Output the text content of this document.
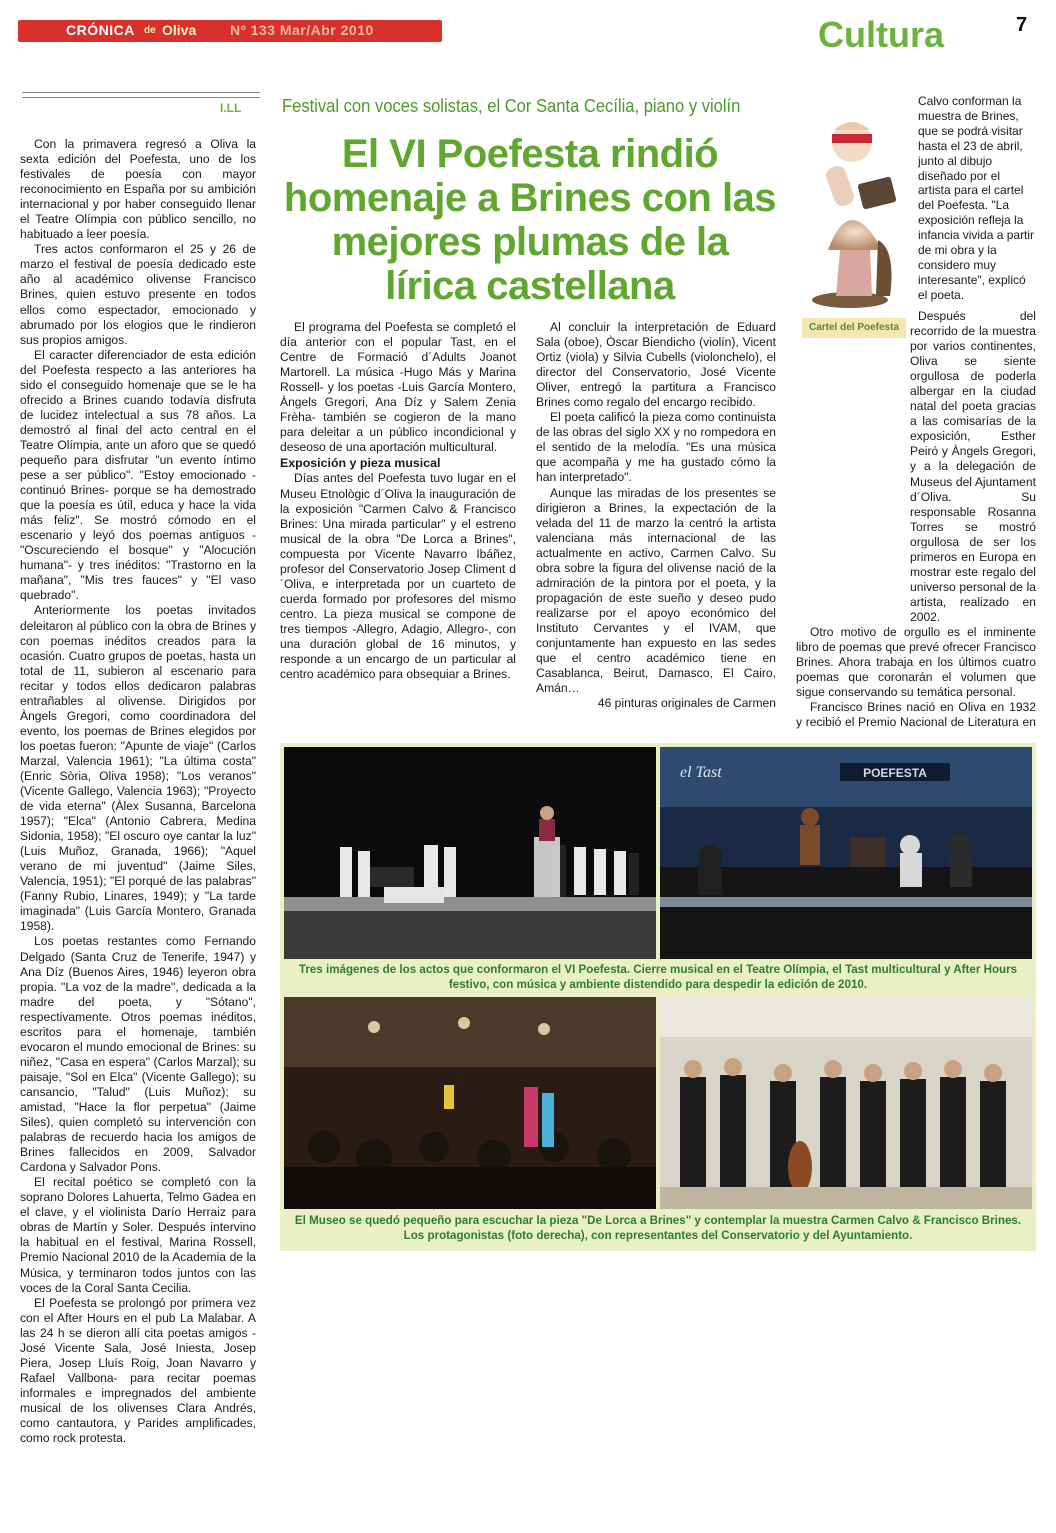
CRÓNICA de Oliva Nº 133 Mar/Abr 2010	Cultura	7
I.LL

Con la primavera regresó a Oliva la sexta edición del Poefesta, uno de los festivales de poesía con mayor reconocimiento en España por su ambición internacional y por haber conseguido llenar el Teatre Olímpia con público sencillo, no habituado a leer poesía.

Tres actos conformaron el 25 y 26 de marzo el festival de poesía dedicado este año al académico olivense Francisco Brines, quien estuvo presente en todos ellos como espectador, emocionado y abrumado por los elogios que le rindieron sus propios amigos.

El caracter diferenciador de esta edición del Poefesta respecto a las anteriores ha sido el conseguido homenaje que se le ha ofrecido a Brines cuando todavía disfruta de lucidez intelectual a sus 78 años. La demostró al final del acto central en el Teatre Olímpia, ante un aforo que se quedó pequeño para disfrutar "un evento íntimo pese a ser público". "Estoy emocionado -continuó Brines- porque se ha demostrado que la poesía es útil, educa y hace la vida más feliz". Se mostró cómodo en el escenario y leyó dos poemas antiguos -"Oscureciendo el bosque" y "Alocución humana"- y tres inéditos: "Trastorno en la mañana", "Mis tres fauces" y "El vaso quebrado".

Anteriormente los poetas invitados deleitaron al público con la obra de Brines y con poemas inéditos creados para la ocasión. Cuatro grupos de poetas, hasta un total de 11, subieron al escenario para recitar y todos ellos dedicaron palabras entrañables al olivense. Dirigidos por Àngels Gregori, como coordinadora del evento, los poemas de Brines elegidos por los poetas fueron: "Apunte de viaje" (Carlos Marzal, Valencia 1961); "La última costa" (Enric Sòria, Oliva 1958); "Los veranos" (Vicente Gallego, Valencia 1963); "Proyecto de vida eterna" (Àlex Susanna, Barcelona 1957); "Elca" (Antonio Cabrera, Medina Sidonia, 1958); "El oscuro oye cantar la luz" (Luis Muñoz, Granada, 1966); "Aquel verano de mi juventud" (Jaime Siles, Valencia, 1951); "El porqué de las palabras" (Fanny Rubio, Linares, 1949); y "La tarde imaginada" (Luis García Montero, Granada 1958).

Los poetas restantes como Fernando Delgado (Santa Cruz de Tenerife, 1947) y Ana Díz (Buenos Aires, 1946) leyeron obra propia. "La voz de la madre", dedicada a la madre del poeta, y "Sótano", respectivamente. Otros poemas inéditos, escritos para el homenaje, también evocaron el mundo emocional de Brines: su niñez, "Casa en espera" (Carlos Marzal); su paisaje, "Sol en Elca" (Vicente Gallego); su cansancio, "Talud" (Luis Muñoz); su amistad, "Hace la flor perpetua" (Jaime Siles), quien completó su intervención con palabras de recuerdo hacia los amigos de Brines fallecidos en 2009, Salvador Cardona y Salvador Pons.

El recital poético se completó con la soprano Dolores Lahuerta, Telmo Gadea en el clave, y el violinista Darío Herraiz para obras de Martín y Soler. Después intervino la habitual en el festival, Marina Rossell, Premio Nacional 2010 de la Academia de la Música, y terminaron todos juntos con las voces de la Coral Santa Cecilia.

El Poefesta se prolongó por primera vez con el After Hours en el pub La Malabar. A las 24 h se dieron allí cita poetas amigos -José Vicente Sala, José Iniesta, Josep Piera, Josep Lluís Roig, Joan Navarro y Rafael Vallbona- para recitar poemas informales e impregnados del ambiente musical de los olivenses Clara Andrés, como cantautora, y Parides amplificades, como rock protesta.

Festival con voces solistas, el Cor Santa Cecília, piano y violín
El VI Poefesta rindió homenaje a Brines con las mejores plumas de la lírica castellana

El programa del Poefesta se completó el día anterior con el popular Tast, en el Centre de Formació d´Adults Joanot Martorell. La música -Hugo Más y Marina Rossell- y los poetas -Luis García Montero, Àngels Gregori, Ana Díz y Salem Zenia Frèha- también se cogieron de la mano para deleitar a un público incondicional y deseoso de una aportación multicultural.

Exposición y pieza musical

Días antes del Poefesta tuvo lugar en el Museu Etnològic d´Oliva la inauguración de la exposición "Carmen Calvo & Francisco Brines: Una mirada particular" y el estreno musical de la obra "De Lorca a Brines", compuesta por Vicente Navarro Ibáñez, profesor del Conservatorio Josep Climent d´Oliva, e interpretada por un cuarteto de cuerda formado por profesores del mismo centro. La pieza musical se compone de tres tiempos -Allegro, Adagio, Allegro-, con una duración global de 16 minutos, y responde a un encargo de un particular al centro académico para obsequiar a Brines.

Al concluir la interpretación de Eduard Sala (oboe), Òscar Biendicho (violín), Vicent Ortiz (viola) y Silvia Cubells (violonchelo), el director del Conservatorio, José Vicente Oliver, entregó la partitura a Francisco Brines como regalo del encargo recibido.

El poeta calificó la pieza como continuista de las obras del siglo XX y no rompedora en el sentido de la melodía. "Es una música que acompaña y me ha gustado cómo la han interpretado".

Aunque las miradas de los presentes se dirigieron a Brines, la expectación de la velada del 11 de marzo la centró la artista valenciana más internacional de las actualmente en activo, Carmen Calvo. Su obra sobre la figura del olivense nació de la admiración de la pintora por el poeta, y la propagación de este sueño y deseo pudo realizarse por el apoyo económico del Instituto Cervantes y el IVAM, que conjuntamente han expuesto en las sedes que el centro académico tiene en Casablanca, Beirut, Damasco, El Cairo, Amán…

46 pinturas originales de Carmen

Cartel del Poefesta
Calvo conforman la muestra de Brines, que se podrá visitar hasta el 23 de abril, junto al dibujo diseñado por el artista para el cartel del Poefesta. "La exposición refleja la infancia vivida a partir de mi obra y la considero muy interesante", explicó el poeta.

Después del recorrido de la muestra por varios continentes, Oliva se siente orgullosa de poderla albergar en la ciudad natal del poeta gracias a las comisarías de la exposición, Esther Peiró y Àngels Gregori, y a la delegación de Museus del Ajuntament d´Oliva. Su responsable Rosanna Torres se mostró orgullosa de ser los primeros en Europa en mostrar este regalo del universo personal de la artista, realizado en 2002.

Otro motivo de orgullo es el inminente libro de poemas que prevé ofrecer Francisco Brines. Ahora trabaja en los últimos cuatro poemas que coronarán el volumen que sigue conservando su temática personal.

Francisco Brines nació en Oliva en 1932 y recibió el Premio Nacional de Literatura en

POEFESTA
el Tast
Tres imágenes de los actos que conformaron el VI Poefesta. Cierre musical en el Teatre Olímpia, el Tast multicultural y After Hours festivo, con música y ambiente distendido para despedir la edición de 2010.
El Museo se quedó pequeño para escuchar la pieza "De Lorca a Brines" y contemplar la muestra Carmen Calvo & Francisco Brines. Los protagonistas (foto derecha), con representantes del Conservatorio y del Ayuntamiento.
